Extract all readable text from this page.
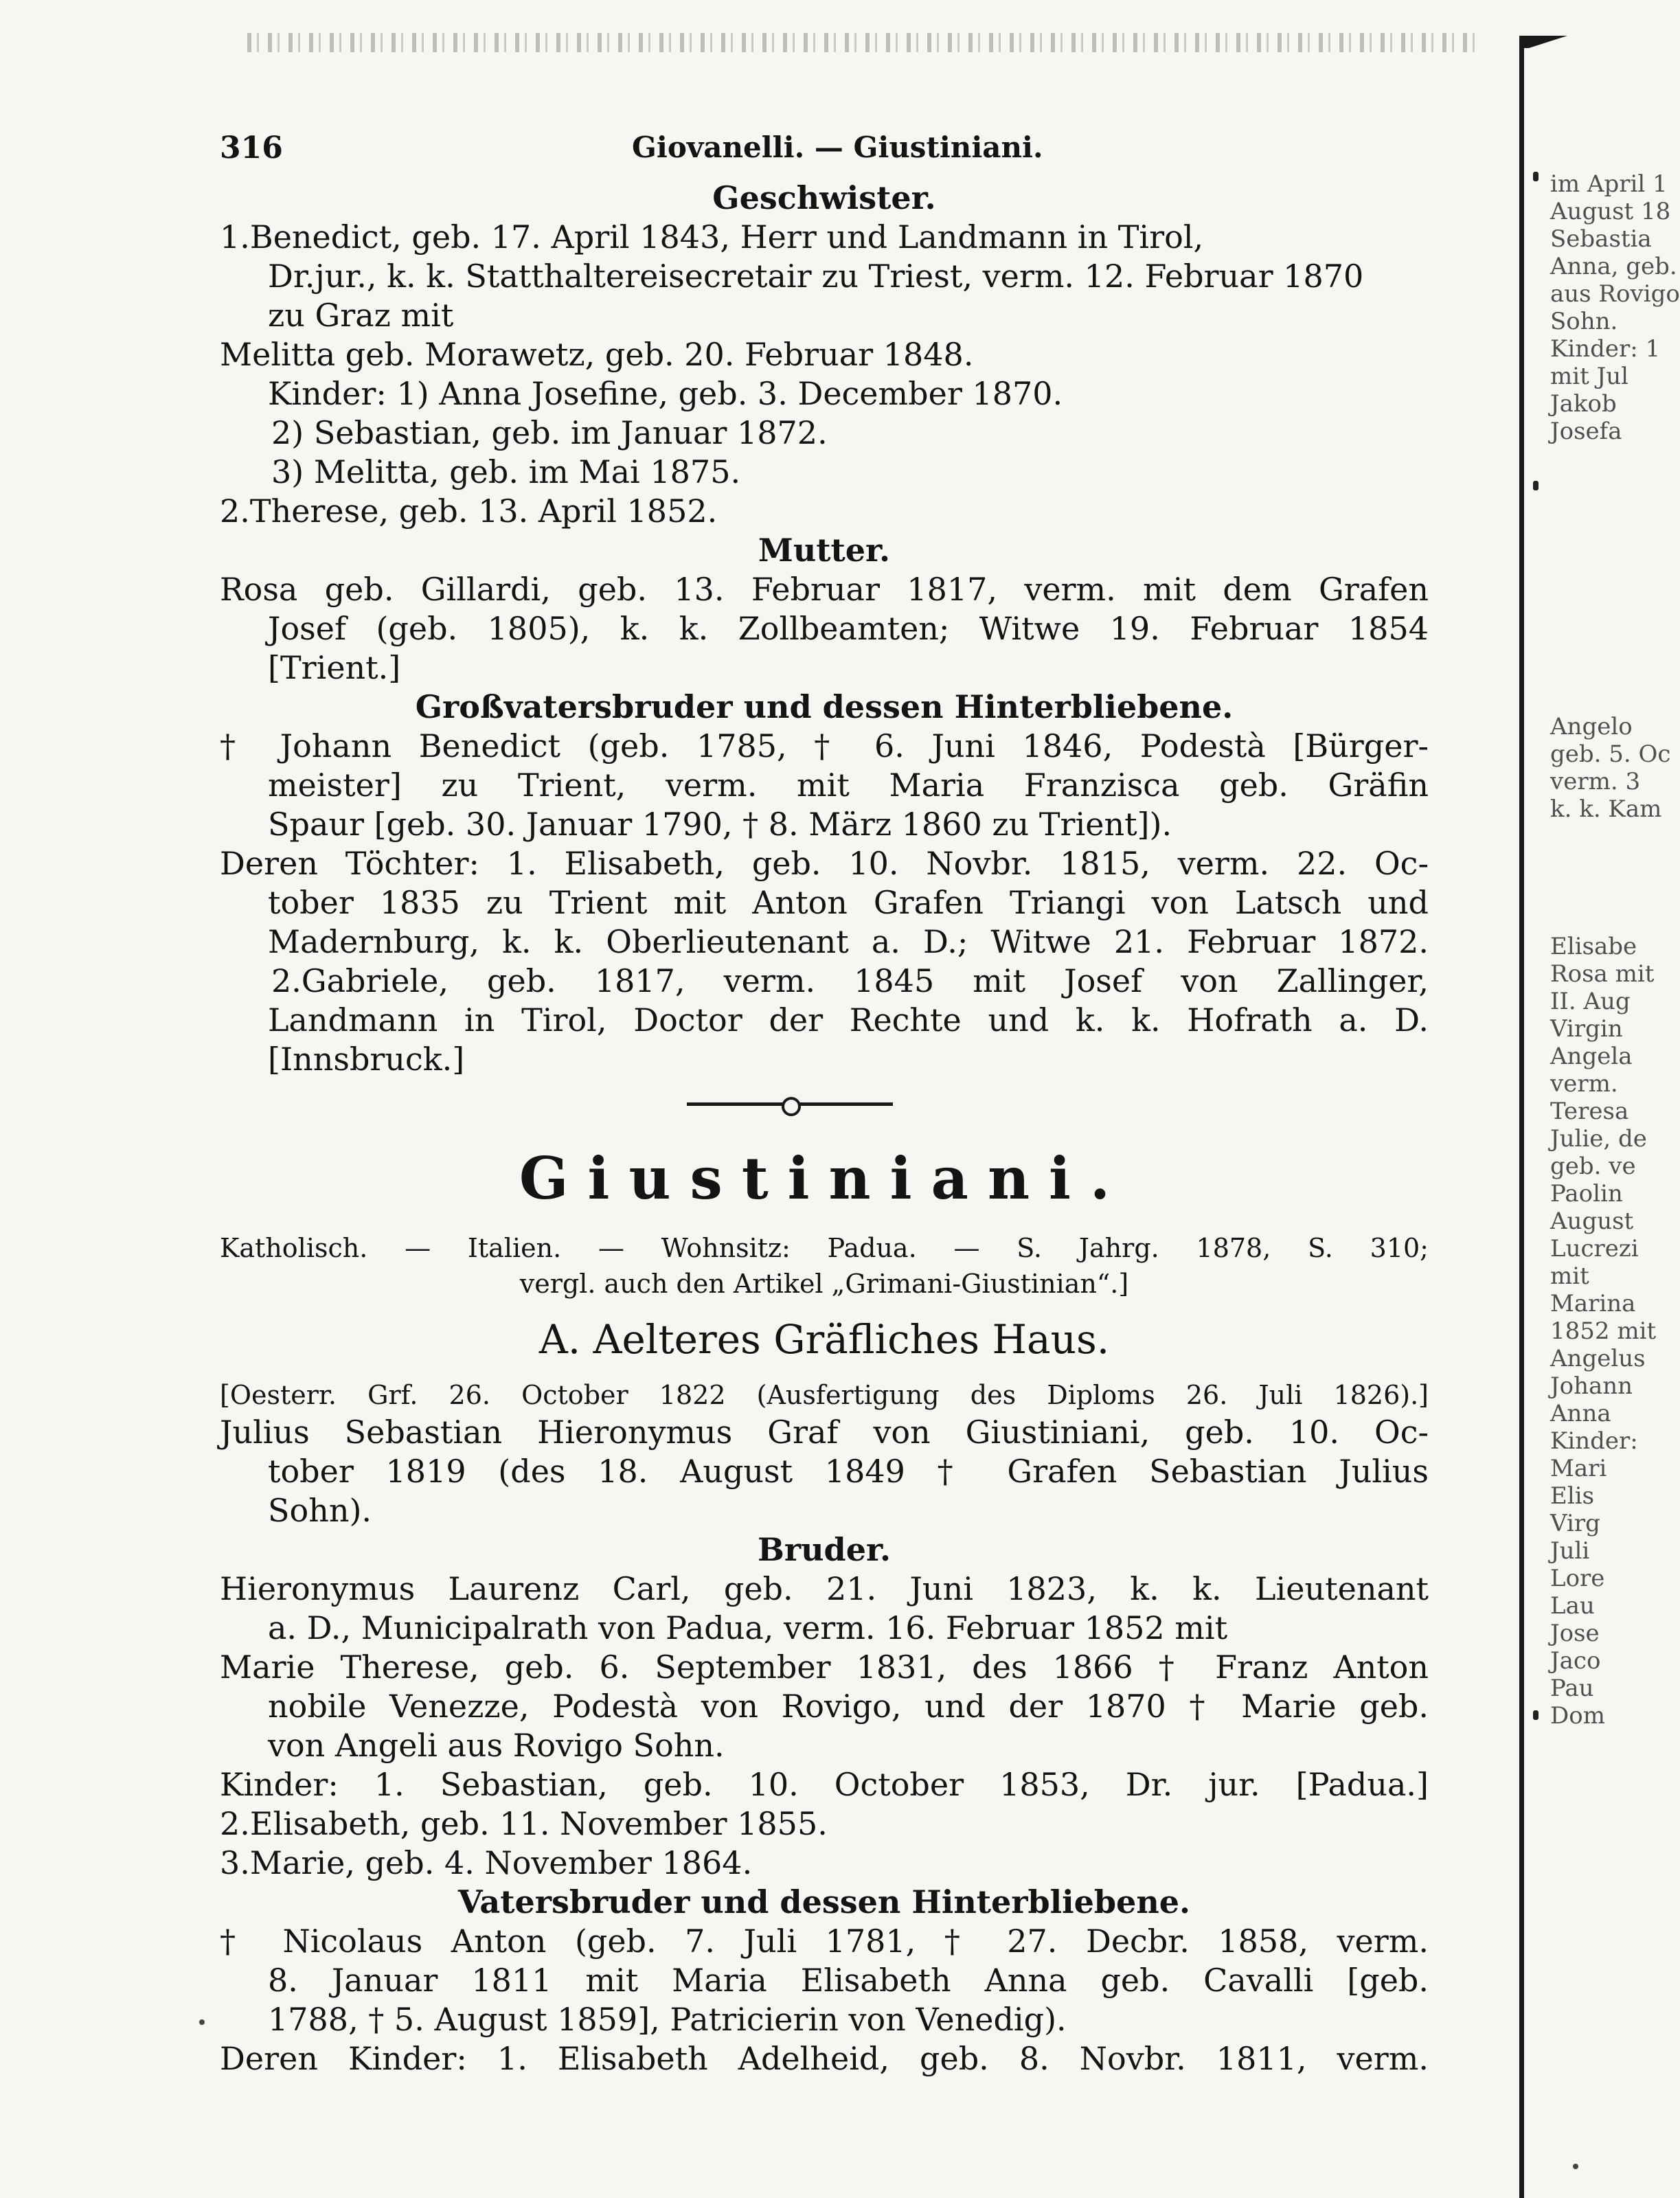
im April 1
August 18
Sebastia
Anna, geb.
aus Rovigo
Sohn.
Kinder: 1
mit Jul
Jakob
Josefa
Angelo
geb. 5. Oc
verm. 3
k. k. Kam
Elisabe
Rosa mit
II. Aug
Virgin
Angela
verm.
Teresa
Julie, de
geb. ve
Paolin
August
Lucrezi
mit
Marina
1852 mit
Angelus
Johann
Anna
Kinder:
Mari
Elis
Virg
Juli
Lore
Lau
Jose
Jaco
Pau
Dom
316	Giovanelli. — Giustiniani.
Geschwister.
1.Benedict, geb. 17. April 1843, Herr und Landmann in Tirol,
Dr.jur., k. k. Statthaltereisecretair zu Triest, verm. 12. Februar 1870
zu Graz mit
Melitta geb. Morawetz, geb. 20. Februar 1848.
Kinder: 1) Anna Josefine, geb. 3. December 1870.
2) Sebastian, geb. im Januar 1872.
3) Melitta, geb. im Mai 1875.
2.Therese, geb. 13. April 1852.
Mutter.
Rosa geb. Gillardi, geb. 13. Februar 1817, verm. mit dem Grafen
Josef (geb. 1805), k. k. Zollbeamten; Witwe 19. Februar 1854
[Trient.]
Großvatersbruder und dessen Hinterbliebene.
† Johann Benedict (geb. 1785, † 6. Juni 1846, Podestà [Bürger-
meister] zu Trient, verm. mit Maria Franzisca geb. Gräfin
Spaur [geb. 30. Januar 1790, † 8. März 1860 zu Trient]).
Deren Töchter: 1. Elisabeth, geb. 10. Novbr. 1815, verm. 22. Oc-
tober 1835 zu Trient mit Anton Grafen Triangi von Latsch und
Madernburg, k. k. Oberlieutenant a. D.; Witwe 21. Februar 1872.
2.Gabriele, geb. 1817, verm. 1845 mit Josef von Zallinger,
Landmann in Tirol, Doctor der Rechte und k. k. Hofrath a. D.
[Innsbruck.]
Giustiniani.
Katholisch. — Italien. — Wohnsitz: Padua. — S. Jahrg. 1878, S. 310;
vergl. auch den Artikel „Grimani-Giustinian“.]
A. Aelteres Gräfliches Haus.
[Oesterr. Grf. 26. October 1822 (Ausfertigung des Diploms 26. Juli 1826).]
Julius Sebastian Hieronymus Graf von Giustiniani, geb. 10. Oc-
tober 1819 (des 18. August 1849 † Grafen Sebastian Julius
Sohn).
Bruder.
Hieronymus Laurenz Carl, geb. 21. Juni 1823, k. k. Lieutenant
a. D., Municipalrath von Padua, verm. 16. Februar 1852 mit
Marie Therese, geb. 6. September 1831, des 1866 † Franz Anton
nobile Venezze, Podestà von Rovigo, und der 1870 † Marie geb.
von Angeli aus Rovigo Sohn.
Kinder: 1. Sebastian, geb. 10. October 1853, Dr. jur. [Padua.]
2.Elisabeth, geb. 11. November 1855.
3.Marie, geb. 4. November 1864.
Vatersbruder und dessen Hinterbliebene.
† Nicolaus Anton (geb. 7. Juli 1781, † 27. Decbr. 1858, verm.
8. Januar 1811 mit Maria Elisabeth Anna geb. Cavalli [geb.
1788, † 5. August 1859], Patricierin von Venedig).
Deren Kinder: 1. Elisabeth Adelheid, geb. 8. Novbr. 1811, verm.
